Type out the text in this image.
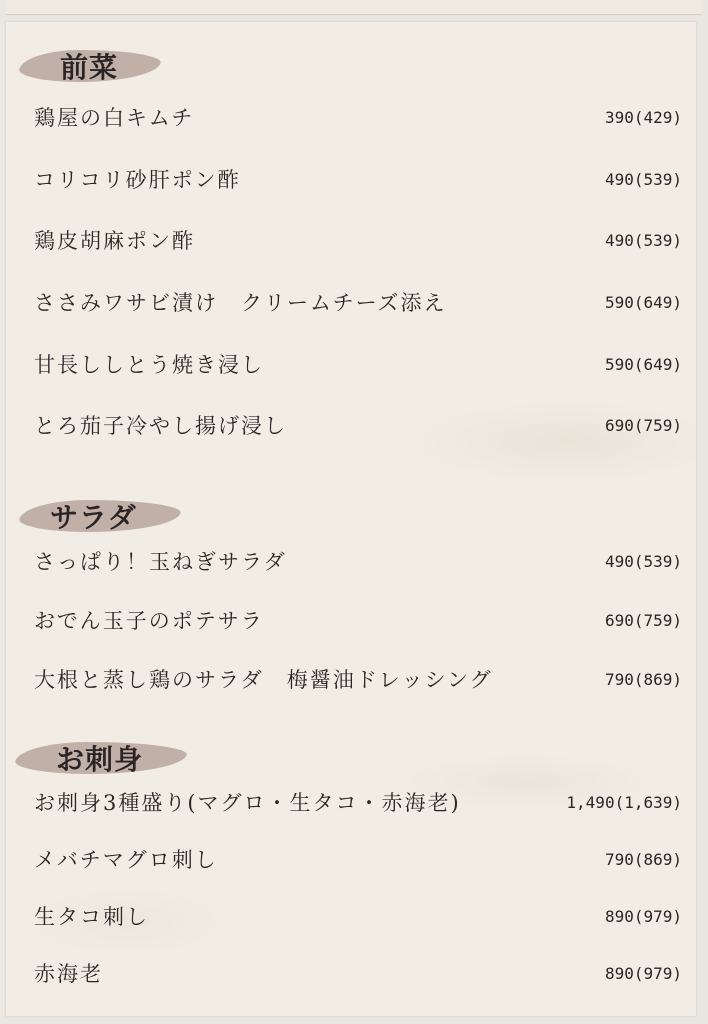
前菜
鶏屋の白キムチ	390(429)
コリコリ砂肝ポン酢	490(539)
鶏皮胡麻ポン酢	490(539)
ささみワサビ漬け　クリームチーズ添え	590(649)
甘長ししとう焼き浸し	590(649)
とろ茄子冷やし揚げ浸し	690(759)
サラダ
さっぱり！玉ねぎサラダ	490(539)
おでん玉子のポテサラ	690(759)
大根と蒸し鶏のサラダ　梅醤油ドレッシング	790(869)
お刺身
お刺身3種盛り(マグロ・生タコ・赤海老)	1,490(1,639)
メバチマグロ刺し	790(869)
生タコ刺し	890(979)
赤海老	890(979)
